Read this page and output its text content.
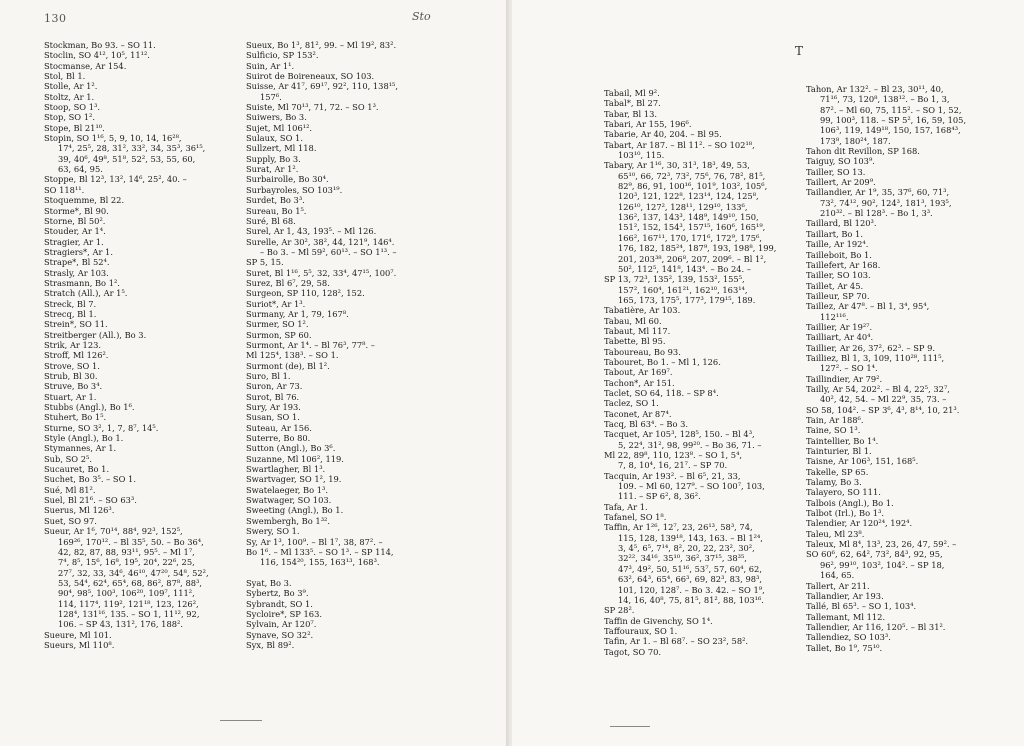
130	Sto
T
Stockman, Bo 93. – SO 11.
Stoclin, SO 4¹², 10⁵, 11¹².
Stocmanse, Ar 154.
Stol, Bl 1.
Stolle, Ar 1².
Stoltz, Ar 1.
Stoop, SO 1³.
Stop, SO 1².
Stope, Bl 21¹⁰.
Stopin, SO 1¹⁶, 5, 9, 10, 14, 16²⁸,
17⁴, 25⁵, 28, 31², 33², 34, 35³, 36¹⁵,
39, 40⁶, 49⁸, 51⁸, 52², 53, 55, 60,
63, 64, 95.
Stoppe, Bl 12³, 13², 14⁶, 25², 40. –
SO 118¹¹.
Stoquemme, Bl 22.
Storme*, Bl 90.
Storne, Bl 50².
Stouder, Ar 1⁴.
Stragier, Ar 1.
Stragiers*, Ar 1.
Strape*, Bl 52⁴.
Strasly, Ar 103.
Strasmann, Bo 1².
Stratch (All.), Ar 1⁵.
Streck, Bl 7.
Strecq, Bl 1.
Strein*, SO 11.
Streitberger (All.), Bo 3.
Strik, Ar 123.
Stroff, Ml 126².
Strove, SO 1.
Strub, Bl 30.
Struve, Bo 3⁴.
Stuart, Ar 1.
Stubbs (Angl.), Bo 1⁶.
Stuhert, Bo 1⁵.
Sturne, SO 3², 1, 7, 8⁷, 14⁵.
Style (Angl.), Bo 1.
Stymannes, Ar 1.
Sub, SO 2⁵.
Sucauret, Bo 1.
Suchet, Bo 3⁵. – SO 1.
Sué, Ml 81².
Suel, Bl 21⁶. – SO 63³.
Suerus, Ml 126³.
Suet, SO 97.
Sueur, Ar 1⁶, 70¹⁴, 88⁴, 92³, 152⁵,
169²⁶, 170¹². – Bl 35⁵, 50. – Bo 36⁴,
42, 82, 87, 88, 93¹¹, 95⁵. – Ml 1⁷,
7⁴, 8⁵, 15⁶, 16⁸, 19⁵, 20⁴, 22⁶, 25,
27⁷, 32, 33, 34⁶, 46¹⁰, 47²⁰, 54⁸, 52²,
53, 54⁴, 62⁴, 65⁴, 68, 86², 87⁸, 88³,
90⁴, 98⁵, 100³, 106²⁰, 109⁷, 111²,
114, 117⁴, 119², 121¹⁸, 123, 126²,
128⁴, 131¹⁶, 135. – SO 1, 11¹², 92,
106. – SP 43, 131², 176, 188².
Sueure, Ml 101.
Sueurs, Ml 110⁸.
Sueux, Bo 1³, 81², 99. – Ml 19², 83².
Sulficio, SP 153².
Suin, Ar 1¹.
Suirot de Boireneaux, SO 103.
Suisse, Ar 41⁷, 69¹⁷, 92², 110, 138¹⁵,
157⁶.
Suiste, Ml 70¹³, 71, 72. – SO 1³.
Suiwers, Bo 3.
Sujet, Ml 106¹².
Sulaux, SO 1.
Sullzert, Ml 118.
Supply, Bo 3.
Surat, Ar 1².
Surbairolle, Bo 30⁴.
Surbayroles, SO 103¹⁹.
Surdet, Bo 3³.
Sureau, Bo 1⁵.
Suré, Bl 68.
Surel, Ar 1, 43, 193⁵. – Ml 126.
Surelle, Ar 30², 38², 44, 121⁹, 146⁴.
– Bo 3. – Ml 59², 60¹³. – SO 1¹³. –
SP 5, 15.
Suret, Bl 1¹⁶, 5⁵, 32, 33⁴, 47¹⁵, 100⁷.
Surez, Bl 6⁷, 29, 58.
Surgeon, SP 110, 128², 152.
Suriot*, Ar 1³.
Surmany, Ar 1, 79, 167⁸.
Surmer, SO 1².
Surmon, SP 60.
Surmont, Ar 1⁴. – Bl 76³, 77⁸. –
Ml 125⁴, 138³. – SO 1.
Surmont (de), Bl 1².
Suro, Bl 1.
Suron, Ar 73.
Surot, Bl 76.
Sury, Ar 193.
Susan, SO 1.
Suteau, Ar 156.
Suterre, Bo 80.
Sutton (Angl.), Bo 3⁶.
Suzanne, Ml 106², 119.
Swartlagher, Bl 1³.
Swartvager, SO 1², 19.
Swatelaeger, Bo 1³.
Swatwager, SO 103.
Sweeting (Angl.), Bo 1.
Swembergh, Bo 1³².
Swery, SO 1.
Sy, Ar 1³, 100⁹. – Bl 1⁷, 38, 87². –
Bo 1⁶. – Ml 133⁵. – SO 1³. – SP 114,
116, 154²⁰, 155, 163¹³, 168³.
Syat, Bo 3.
Sybertz, Bo 3⁹.
Sybrandt, SO 1.
Sycloire*, SP 163.
Sylvain, Ar 120⁷.
Synave, SO 32².
Syx, Bl 89².
Tabail, Ml 9².
Tabal*, Bl 27.
Tabar, Bl 13.
Tabari, Ar 155, 196⁶.
Tabarie, Ar 40, 204. – Bl 95.
Tabart, Ar 187. – Bl 11². – SO 102¹⁸,
103¹⁰, 115.
Tabary, Ar 1¹⁶, 30, 31³, 18³, 49, 53,
65¹⁰, 66, 72³, 73², 75⁶, 76, 78², 81⁵,
82⁹, 86, 91, 100¹⁶, 101⁹, 103², 105⁶,
120³, 121, 122⁸, 123¹⁴, 124, 125⁸,
126¹⁰, 127², 128¹¹, 129¹⁰, 133⁶,
136², 137, 143³, 148⁹, 149¹⁰, 150,
151², 152, 154³, 157¹⁵, 160⁶, 165¹⁹,
166², 167¹¹, 170, 171⁶, 172⁹, 175⁶,
176, 182, 185²⁴, 187⁹, 193, 198⁸, 199,
201, 203³⁸, 206⁸, 207, 209⁶. – Bl 1²,
50², 112⁵, 141⁸, 143⁴. – Bo 24. –
SP 13, 72³, 135², 139, 153², 155⁵,
157², 160⁴, 161²¹, 162¹⁰, 163¹⁴,
165, 173, 175⁵, 177³, 179¹⁵, 189.
Tabatière, Ar 103.
Tabau, Ml 60.
Tabaut, Ml 117.
Tabette, Bl 95.
Taboureau, Bo 93.
Tabouret, Bo 1. – Ml 1, 126.
Tabout, Ar 169⁷.
Tachon*, Ar 151.
Taclet, SO 64, 118. – SP 8⁴.
Taclez, SO 1.
Taconet, Ar 87⁴.
Tacq, Bl 63⁴. – Bo 3.
Tacquet, Ar 105³, 128⁵, 150. – Bl 4³,
5, 22⁴, 31², 98, 99²⁰. – Bo 36, 71. –
Ml 22, 89⁸, 110, 123⁸. – SO 1, 5⁴,
7, 8, 10⁴, 16, 21⁷. – SP 70.
Tacquin, Ar 193². – Bl 6⁵, 21, 33,
109. – Ml 60, 127⁹. – SO 100⁷, 103,
111. – SP 6², 8, 36².
Tafa, Ar 1.
Tafanel, SO 1⁸.
Taffin, Ar 1²⁶, 12⁷, 23, 26¹³, 58³, 74,
115, 128, 139¹⁸, 143, 163. – Bl 1²⁴,
3, 4⁵, 6⁵, 7¹⁴, 8², 20, 22, 23², 30²,
32²², 34¹⁶, 35¹⁰, 36², 37¹⁵, 38³⁵,
47³, 49², 50, 51¹⁶, 53⁷, 57, 60⁴, 62,
63², 64³, 65⁴, 66³, 69, 82³, 83, 98³,
101, 120, 128⁷. – Bo 3. 42. – SO 1⁹,
14, 16, 40⁸, 75, 81⁵, 81², 88, 103¹⁶.
SP 28².
Taffin de Givenchy, SO 1⁴.
Taffouraux, SO 1.
Tafin, Ar 1. – Bl 68⁷. – SO 23², 58².
Tagot, SO 70.
Tahon, Ar 132². – Bl 23, 30¹¹, 40,
71¹⁶, 73, 120⁸, 138¹². – Bo 1, 3,
87². – Ml 60, 75, 115². – SO 1, 52,
99, 100³, 118. – SP 5², 16, 59, 105,
106³, 119, 149¹⁸, 150, 157, 168⁴³,
173⁸, 180²⁴, 187.
Tahon dit Revillon, SP 168.
Taiguy, SO 103⁹.
Tailler, SO 13.
Taillert, Ar 209⁹.
Taillandier, Ar 1⁹, 35, 37⁶, 60, 71³,
73², 74¹², 90², 124³, 181³, 193⁵,
210³². – Bl 128³. – Bo 1, 3³.
Taillard, Bl 120³.
Taillart, Bo 1.
Taille, Ar 192⁴.
Tailleboit, Bo 1.
Taillefert, Ar 168.
Tailler, SO 103.
Taillet, Ar 45.
Tailleur, SP 70.
Taillez, Ar 47⁸. – Bl 1, 3⁴, 95⁴,
112¹¹⁶.
Taillier, Ar 19²⁷.
Tailliart, Ar 40⁴.
Taillier, Ar 26, 37², 62³. – SP 9.
Tailliez, Bl 1, 3, 109, 110²⁸, 111⁵,
127². – SO 1⁴.
Taillindier, Ar 79².
Tailly, Ar 54, 202². – Bl 4, 22⁵, 32⁷,
40², 42, 54. – Ml 22⁹, 35, 73. –
SO 58, 104². – SP 3⁶, 4³, 8¹⁴, 10, 21³.
Tain, Ar 188⁶.
Taine, SO 1³.
Taintellier, Bo 1⁴.
Tainturier, Bl 1.
Taisne, Ar 106³, 151, 168⁵.
Takelle, SP 65.
Talamy, Bo 3.
Talayero, SO 111.
Talbois (Angl.), Bo 1.
Talbot (Irl.), Bo 1³.
Talendier, Ar 120²⁴, 192⁴.
Taleu, Ml 23⁸.
Taleux, Ml 8⁴, 13³, 23, 26, 47, 59². –
SO 60⁶, 62, 64², 73², 84³, 92, 95,
96², 99¹⁰, 103², 104². – SP 18,
164, 65.
Tallert, Ar 211.
Tallandier, Ar 193.
Tallé, Bl 65³. – SO 1, 103⁴.
Tallemant, Ml 112.
Tallendier, Ar 116, 120⁵. – Bl 31².
Tallendiez, SO 103³.
Tallet, Bo 1⁹, 75¹⁰.
